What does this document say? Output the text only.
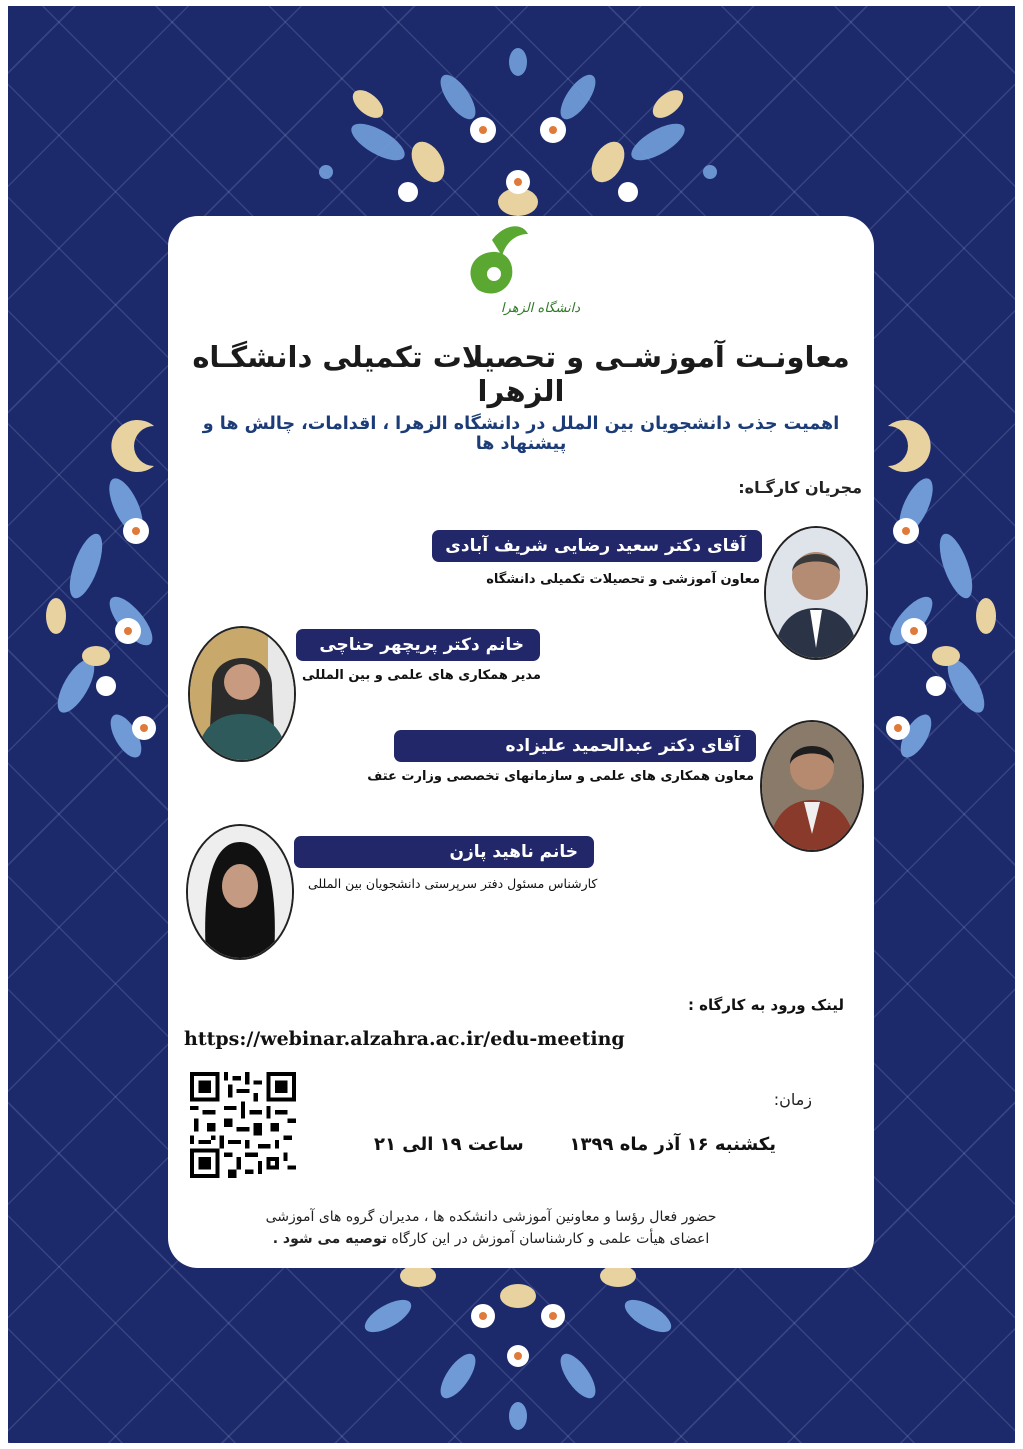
دانشگاه الزهرا
معاونـت آموزشـی و تحصیلات تکمیلی دانشگـاه الزهرا
اهمیت جذب دانشجویان بین الملل در دانشگاه الزهرا ، اقدامات، چالش ها و پیشنهاد ها
مجریان کارگـاه:
آقای دکتر سعید رضایی شریف آبادی
معاون آموزشی و تحصیلات تکمیلی دانشگاه
خانم دکتر پریچهر حناچی
مدیر همکاری های علمی و بین المللی
آقای دکتر عبدالحمید علیزاده
معاون همکاری های علمی و سازمانهای تخصصی وزارت عتف
خانم ناهید پازن
کارشناس مسئول دفتر سرپرستی دانشجویان بین المللی
لینک ورود به کارگاه :
https://webinar.alzahra.ac.ir/edu-meeting
زمان:
یکشنبه ۱۶ آذر ماه ۱۳۹۹
ساعت ۱۹ الی ۲۱
حضور فعال رؤسا و معاونین آموزشی دانشکده ها ، مدیران گروه های آموزشی
اعضای هیأت علمی و کارشناسان آموزش در این کارگاه توصیه می شود .
